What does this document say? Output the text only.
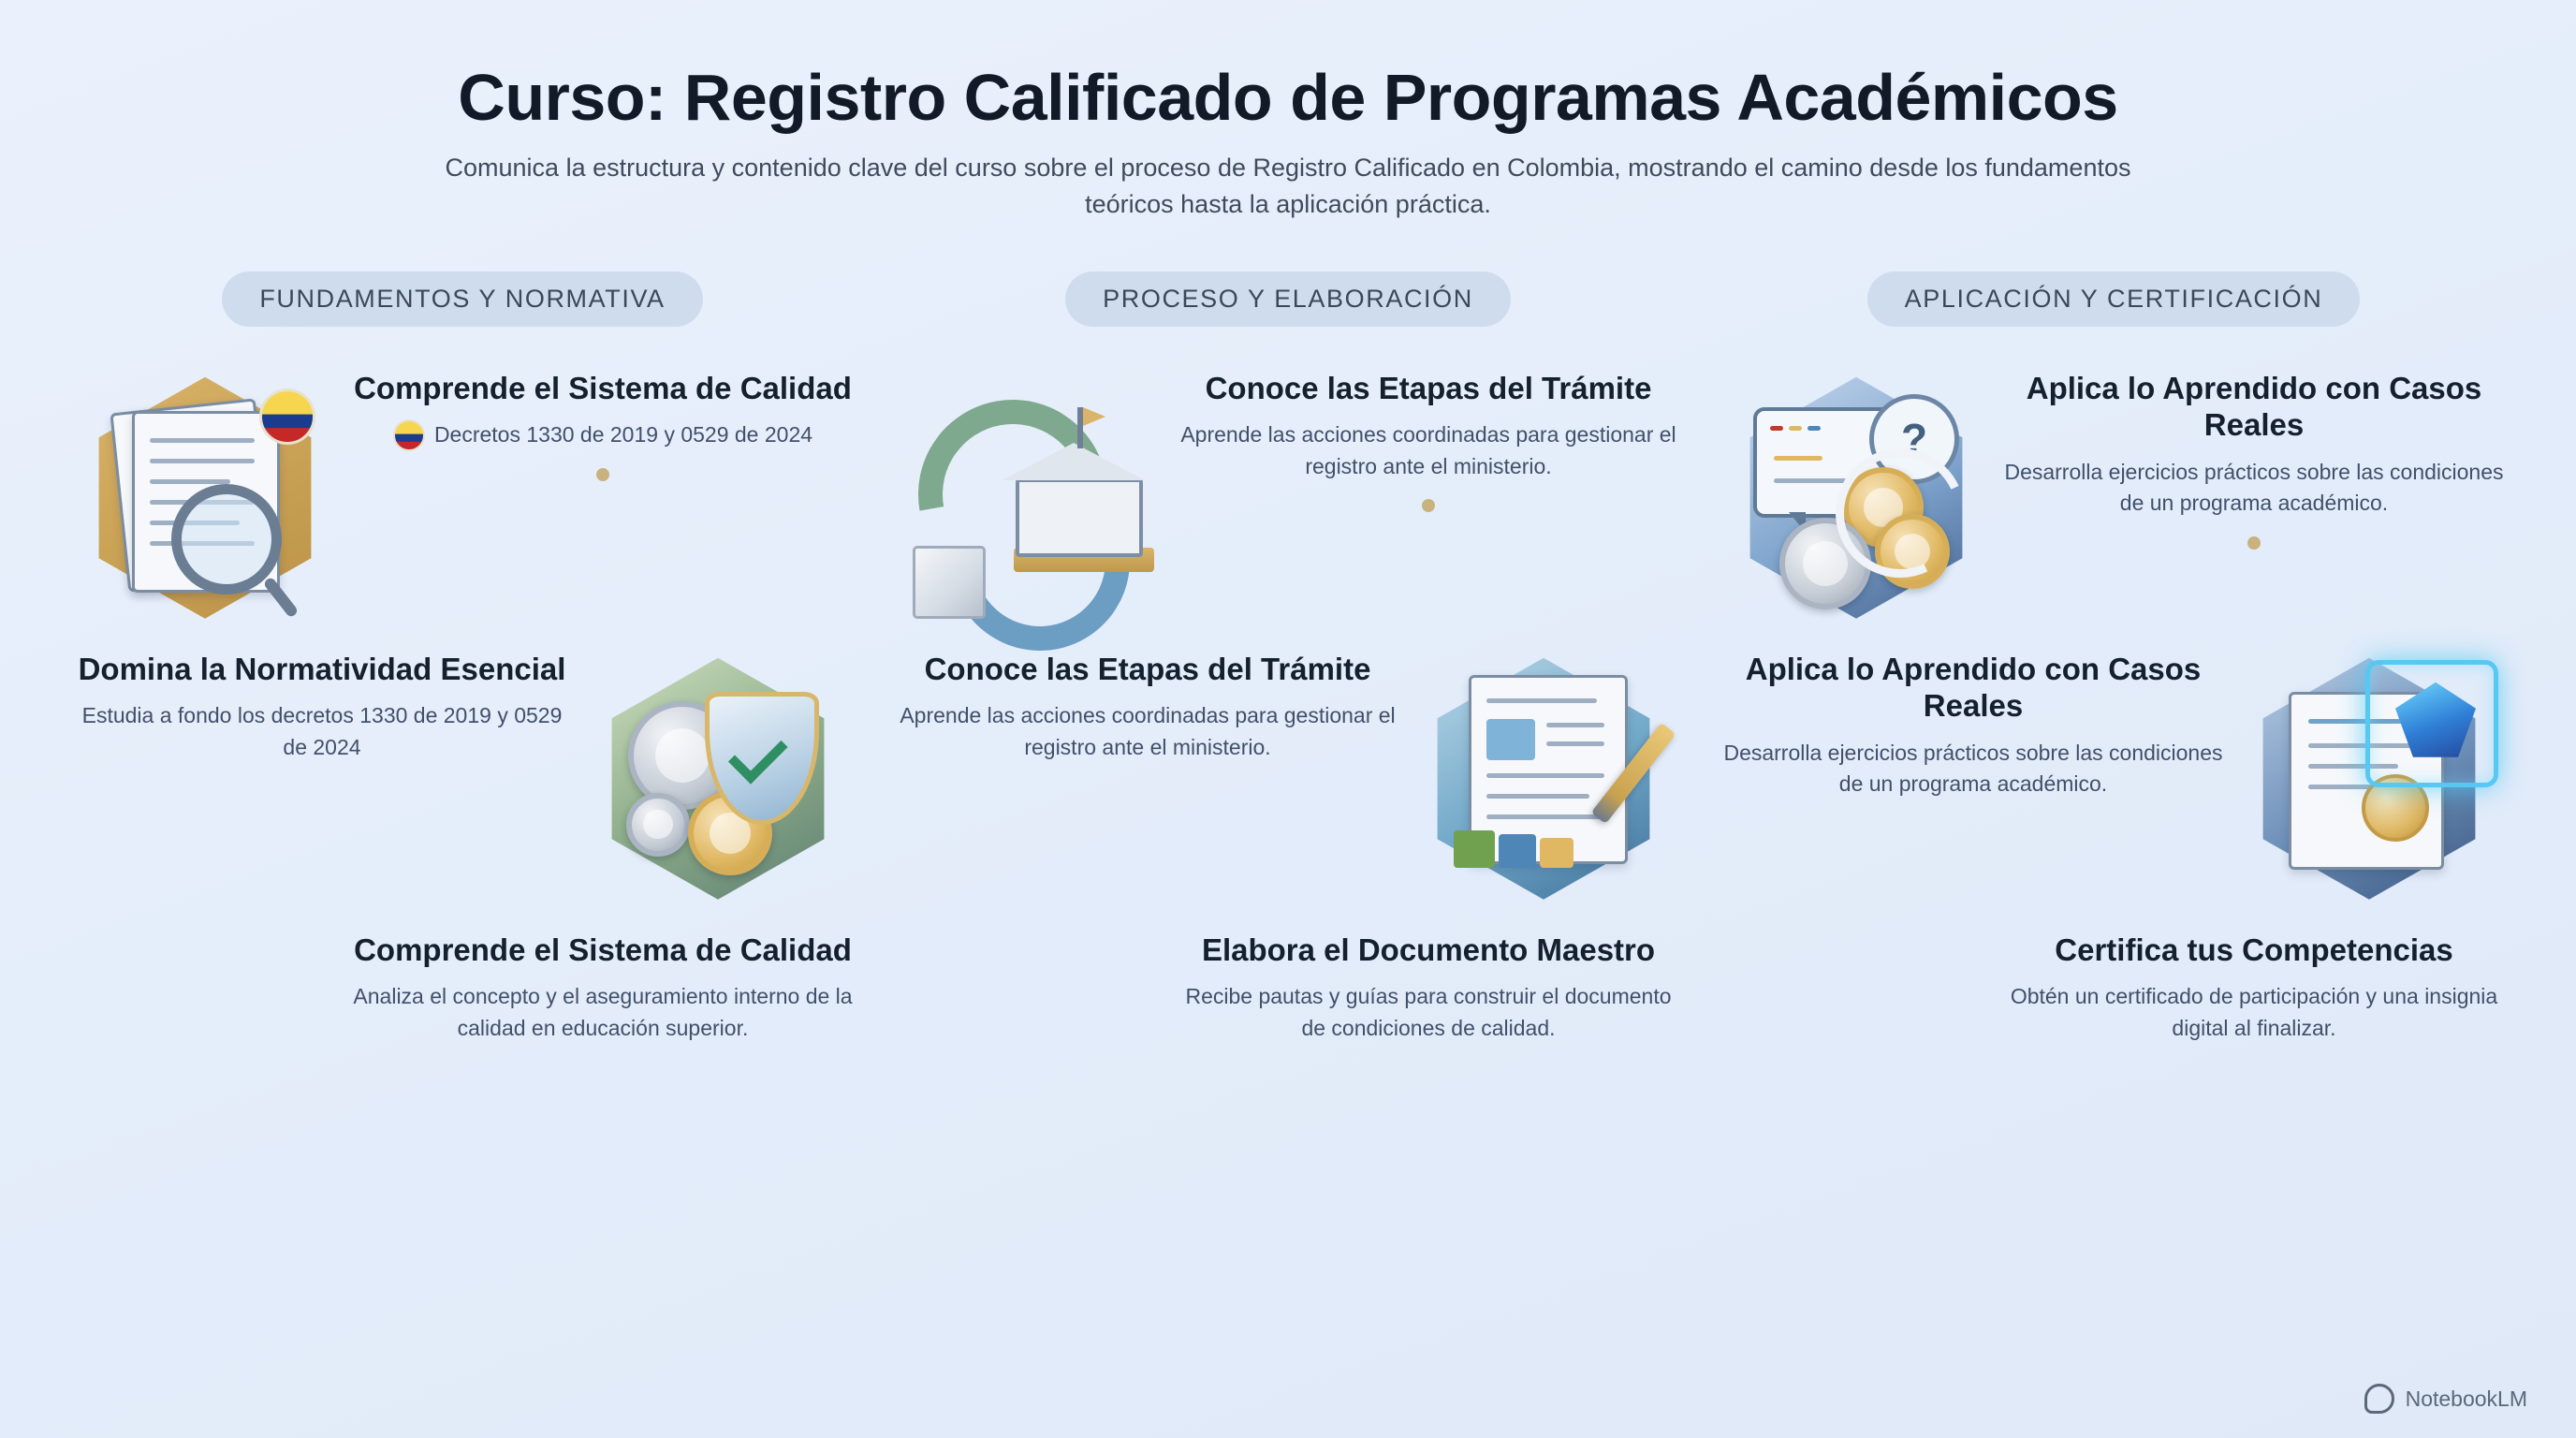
Curso: Registro Calificado de Programas Académicos
Comunica la estructura y contenido clave del curso sobre el proceso de Registro Calificado en Colombia, mostrando el camino desde los fundamentos teóricos hasta la aplicación práctica.
FUNDAMENTOS Y NORMATIVA
Comprende el Sistema de Calidad
Decretos 1330 de 2019 y 0529 de 2024
Domina la Normatividad Esencial
Estudia a fondo los decretos 1330 de 2019 y 0529 de 2024
Comprende el Sistema de Calidad
Analiza el concepto y el aseguramiento interno de la calidad en educación superior.
PROCESO Y ELABORACIÓN
Conoce las Etapas del Trámite
Aprende las acciones coordinadas para gestionar el registro ante el ministerio.
Conoce las Etapas del Trámite
Aprende las acciones coordinadas para gestionar el registro ante el ministerio.
Elabora el Documento Maestro
Recibe pautas y guías para construir el documento de condiciones de calidad.
APLICACIÓN Y CERTIFICACIÓN
?
Aplica lo Aprendido con Casos Reales
Desarrolla ejercicios prácticos sobre las condiciones de un programa académico.
Aplica lo Aprendido con Casos Reales
Desarrolla ejercicios prácticos sobre las condiciones de un programa académico.
Certifica tus Competencias
Obtén un certificado de participación y una insignia digital al finalizar.
NotebookLM
